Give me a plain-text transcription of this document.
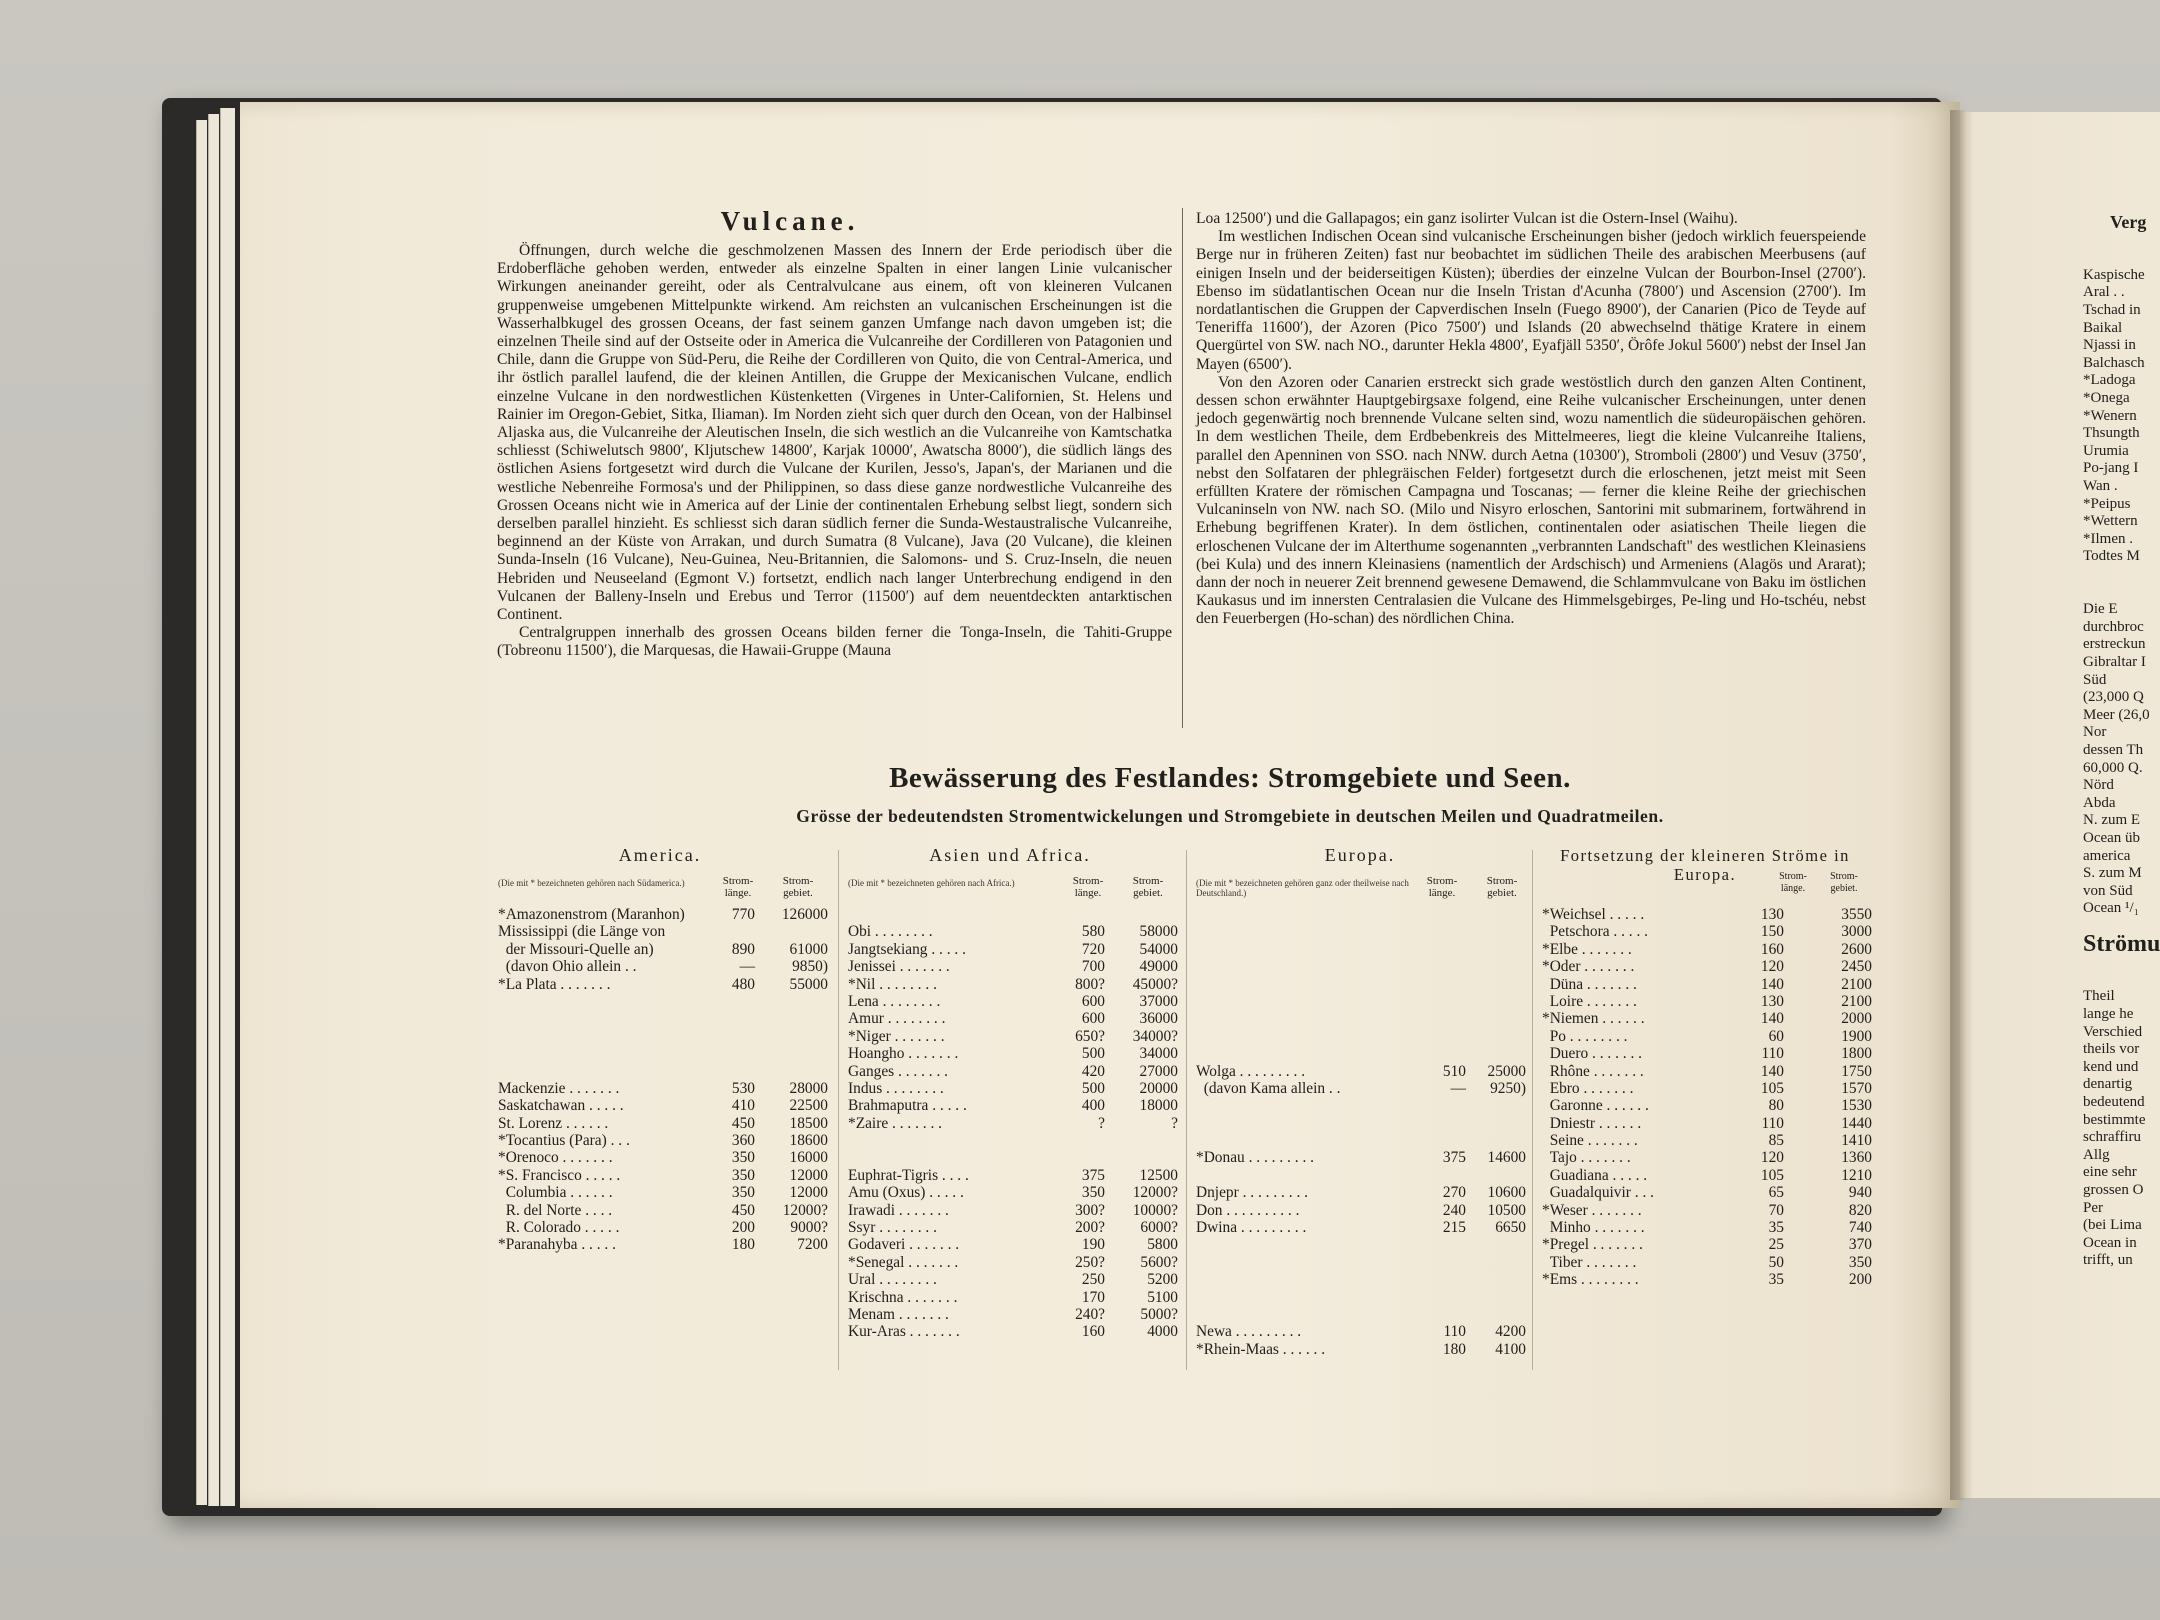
Vulcane.

Öffnungen, durch welche die geschmolzenen Massen des Innern der Erde periodisch über die Erdoberfläche gehoben werden, entweder als einzelne Spalten in einer langen Linie vulcanischer Wirkungen aneinander gereiht, oder als Centralvulcane aus einem, oft von kleineren Vulcanen gruppenweise umgebenen Mittelpunkte wirkend. Am reichsten an vulcanischen Erscheinungen ist die Wasserhalbkugel des grossen Oceans, der fast seinem ganzen Umfange nach davon umgeben ist; die einzelnen Theile sind auf der Ostseite oder in America die Vulcanreihe der Cordilleren von Patagonien und Chile, dann die Gruppe von Süd-Peru, die Reihe der Cordilleren von Quito, die von Central-America, und ihr östlich parallel laufend, die der kleinen Antillen, die Gruppe der Mexicanischen Vulcane, endlich einzelne Vulcane in den nordwestlichen Küstenketten (Virgenes in Unter-Californien, St. Helens und Rainier im Oregon-Gebiet, Sitka, Iliaman). Im Norden zieht sich quer durch den Ocean, von der Halbinsel Aljaska aus, die Vulcanreihe der Aleutischen Inseln, die sich westlich an die Vulcanreihe von Kamtschatka schliesst (Schiwelutsch 9800′, Kljutschew 14800′, Karjak 10000′, Awatscha 8000′), die südlich längs des östlichen Asiens fortgesetzt wird durch die Vulcane der Kurilen, Jesso's, Japan's, der Marianen und die westliche Nebenreihe Formosa's und der Philippinen, so dass diese ganze nordwestliche Vulcanreihe des Grossen Oceans nicht wie in America auf der Linie der continentalen Erhebung selbst liegt, sondern sich derselben parallel hinzieht. Es schliesst sich daran südlich ferner die Sunda-Westaustralische Vulcanreihe, beginnend an der Küste von Arrakan, und durch Sumatra (8 Vulcane), Java (20 Vulcane), die kleinen Sunda-Inseln (16 Vulcane), Neu-Guinea, Neu-Britannien, die Salomons- und S. Cruz-Inseln, die neuen Hebriden und Neuseeland (Egmont V.) fortsetzt, endlich nach langer Unterbrechung endigend in den Vulcanen der Balleny-Inseln und Erebus und Terror (11500′) auf dem neuentdeckten antarktischen Continent.

Centralgruppen innerhalb des grossen Oceans bilden ferner die Tonga-Inseln, die Tahiti-Gruppe (Tobreonu 11500′), die Marquesas, die Hawaii-Gruppe (Mauna

Loa 12500′) und die Gallapagos; ein ganz isolirter Vulcan ist die Ostern-Insel (Waihu).

Im westlichen Indischen Ocean sind vulcanische Erscheinungen bisher (jedoch wirklich feuerspeiende Berge nur in früheren Zeiten) fast nur beobachtet im südlichen Theile des arabischen Meerbusens (auf einigen Inseln und der beiderseitigen Küsten); überdies der einzelne Vulcan der Bourbon-Insel (2700′). Ebenso im südatlantischen Ocean nur die Inseln Tristan d'Acunha (7800′) und Ascension (2700′). Im nordatlantischen die Gruppen der Capverdischen Inseln (Fuego 8900′), der Canarien (Pico de Teyde auf Teneriffa 11600′), der Azoren (Pico 7500′) und Islands (20 abwechselnd thätige Kratere in einem Quergürtel von SW. nach NO., darunter Hekla 4800′, Eyafjäll 5350′, Örôfe Jokul 5600′) nebst der Insel Jan Mayen (6500′).

Von den Azoren oder Canarien erstreckt sich grade westöstlich durch den ganzen Alten Continent, dessen schon erwähnter Hauptgebirgsaxe folgend, eine Reihe vulcanischer Erscheinungen, unter denen jedoch gegenwärtig noch brennende Vulcane selten sind, wozu namentlich die südeuropäischen gehören. In dem westlichen Theile, dem Erdbebenkreis des Mittelmeeres, liegt die kleine Vulcanreihe Italiens, parallel den Apenninen von SSO. nach NNW. durch Aetna (10300′), Stromboli (2800′) und Vesuv (3750′, nebst den Solfataren der phlegräischen Felder) fortgesetzt durch die erloschenen, jetzt meist mit Seen erfüllten Kratere der römischen Campagna und Toscanas; — ferner die kleine Reihe der griechischen Vulcaninseln von NW. nach SO. (Milo und Nisyro erloschen, Santorini mit submarinem, fortwährend in Erhebung begriffenen Krater). In dem östlichen, continentalen oder asiatischen Theile liegen die erloschenen Vulcane der im Alterthume sogenannten „verbrannten Landschaft" des westlichen Kleinasiens (bei Kula) und des innern Kleinasiens (namentlich der Ardschisch) und Armeniens (Alagös und Ararat); dann der noch in neuerer Zeit brennend gewesene Demawend, die Schlammvulcane von Baku im östlichen Kaukasus und im innersten Centralasien die Vulcane des Himmelsgebirges, Pe-ling und Ho-tschéu, nebst den Feuerbergen (Ho-schan) des nördlichen China.

Bewässerung des Festlandes: Stromgebiete und Seen.
Grösse der bedeutendsten Stromentwickelungen und Stromgebiete in deutschen Meilen und Quadratmeilen.
America.
(Die mit * bezeichneten gehören nach Südamerica.)	Strom-länge.
Strom-gebiet.
Asien und Africa.
(Die mit * bezeichneten gehören nach Africa.)	Strom-länge.
Strom-gebiet.
Europa.
(Die mit * bezeichneten gehören ganz oder theilweise nach Deutschland.)
Strom-länge.
Strom-gebiet.
Fortsetzung der kleineren Ströme in Europa.	Strom-länge.
Strom-gebiet.
*Amazonenstrom (Maranhon)	770 126000
Mississippi (die Länge von
 der Missouri-Quelle an)	890 61000
 (davon Ohio allein . .	— 9850)
*La Plata . . . . . . .	480 55000
Mackenzie . . . . . . .	530 28000
Saskatchawan . . . . .	410 22500
St. Lorenz . . . . . .	450 18500
*Tocantius (Para) . . .	360 18600
*Orenoco . . . . . . .	350 16000
*S. Francisco . . . . .	350 12000
 Columbia . . . . . .	350 12000
 R. del Norte . . . .	450 12000?
 R. Colorado . . . . .	200 9000?
*Paranahyba . . . . .	180	7200
Obi . . . . . . . .	580 58000
Jangtsekiang . . . . .	720 54000
Jenissei . . . . . . .	700 49000
*Nil . . . . . . . .	800? 45000?
Lena . . . . . . . .	600 37000
Amur . . . . . . . .	600 36000
*Niger . . . . . . .	650? 34000?
Hoangho . . . . . . .	500 34000
Ganges . . . . . . .	420 27000
Indus . . . . . . . .	500 20000
Brahmaputra . . . . .	400 18000
*Zaire . . . . . . .	?	?
Euphrat-Tigris . . . .	375 12500
Amu (Oxus) . . . . .	350 12000?
Irawadi . . . . . . .	300? 10000?
Ssyr . . . . . . . .	200? 6000?
Godaveri . . . . . . .	190	5800
*Senegal . . . . . . .	250? 5600?
Ural . . . . . . . .	250	5200
Krischna . . . . . . .	170	5100
Menam . . . . . . .	240? 5000?
Kur-Aras . . . . . . .	160	4000
Wolga . . . . . . . . .	510 25000
 (davon Kama allein . .	— 9250)
*Donau . . . . . . . . .	375 14600
Dnjepr . . . . . . . . .	270 10600
Don . . . . . . . . . .	240 10500
Dwina . . . . . . . . .	215 6650
Newa . . . . . . . . .	110 4200
*Rhein-Maas . . . . . .	180 4100
*Weichsel . . . . .	130	3550
 Petschora . . . . .	150	3000
*Elbe . . . . . . .	160	2600
*Oder . . . . . . .	120	2450
 Düna . . . . . . .	140	2100
 Loire . . . . . . .	130	2100
*Niemen . . . . . .	140	2000
 Po . . . . . . . .	60	1900
 Duero . . . . . . .	110	1800
 Rhône . . . . . . .	140	1750
 Ebro . . . . . . .	105	1570
 Garonne . . . . . .	80	1530
 Dniestr . . . . . .	110	1440
 Seine . . . . . . .	85	1410
 Tajo . . . . . . .	120	1360
 Guadiana . . . . .	105	1210
 Guadalquivir . . .	65	940
*Weser . . . . . . .	70	820
 Minho . . . . . . .	35	740
*Pregel . . . . . . .	25	370
 Tiber . . . . . . .	50	350
*Ems . . . . . . . .	35	200
Verg
Kaspische
Aral . .
Tschad in
Baikal
Njassi in
Balchasch
*Ladoga
*Onega
*Wenern
Thsungth
Urumia
Po-jang I
Wan .
*Peipus
*Wettern
*Ilmen .
Todtes M
Die E
durchbroc
erstreckun
Gibraltar I
Süd
(23,000 Q
Meer (26,0
Nor
dessen Th
60,000 Q.
Nörd
Abda
N. zum E
Ocean üb
america
S. zum M
von Süd
Ocean ¹/₁
Strömu
Theil
lange he
Verschied
theils vor
kend und
denartig
bedeutend
bestimmte
schraffiru
Allg
eine sehr
grossen O
Per
(bei Lima
Ocean in
trifft, un
